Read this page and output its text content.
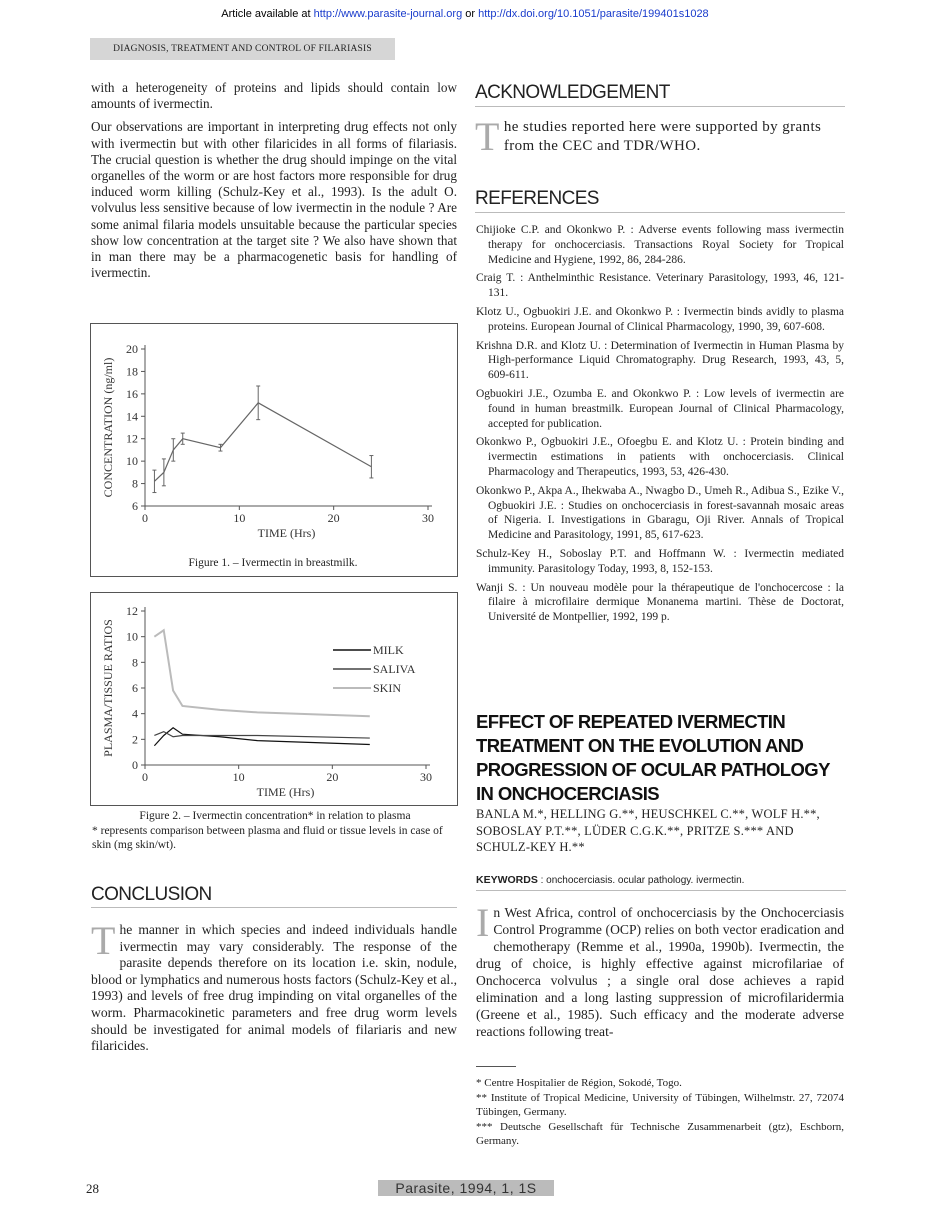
Article available at http://www.parasite-journal.org or http://dx.doi.org/10.1051/parasite/199401s1028
DIAGNOSIS, TREATMENT AND CONTROL OF FILARIASIS

with a heterogeneity of proteins and lipids should contain low amounts of ivermectin.

Our observations are important in interpreting drug effects not only with ivermectin but with other filaricides in all forms of filariasis. The crucial question is whether the drug should impinge on the vital organelles of the worm or are host factors more responsible for drug induced worm killing (Schulz-Key et al., 1993). Is the adult O. volvulus less sensitive because of low ivermectin in the nodule ? Are some animal filaria models unsuitable because the particular species show low concentration at the target site ? We also have shown that in man there may be a pharmacogenetic basis for handling of ivermectin.

6
8
10
12
14
16
18
20
0	10	20	30
TIME (Hrs)
CONCENTRATION (ng/ml)
Figure 1. – Ivermectin in breastmilk.
0
2
4
6
8
10
12
0	10	20	30
TIME (Hrs)
PLASMA/TISSUE RATIOS	MILK
SALIVA
SKIN
Figure 2. – Ivermectin concentration* in relation to plasma
* represents comparison between plasma and fluid or tissue levels in case of skin (mg skin/wt).
CONCLUSION
The manner in which species and indeed individuals handle ivermectin may vary considerably. The response of the parasite depends therefore on its location i.e. skin, nodule, blood or lymphatics and numerous hosts factors (Schulz-Key et al., 1993) and levels of free drug impinding on vital organelles of the worm. Pharmacokinetic parameters and free drug worm levels should be investigated for animal models of filariaris and new filaricides.
ACKNOWLEDGEMENT
The studies reported here were supported by grants from the CEC and TDR/WHO.
REFERENCES
Chijioke C.P. and Okonkwo P. : Adverse events following mass ivermectin therapy for onchocerciasis. Transactions Royal Society for Tropical Medicine and Hygiene, 1992, 86, 284-286.
Craig T. : Anthelminthic Resistance. Veterinary Parasitology, 1993, 46, 121-131.
Klotz U., Ogbuokiri J.E. and Okonkwo P. : Ivermectin binds avidly to plasma proteins. European Journal of Clinical Pharmacology, 1990, 39, 607-608.
Krishna D.R. and Klotz U. : Determination of Ivermectin in Human Plasma by High-performance Liquid Chromatography. Drug Research, 1993, 43, 5, 609-611.
Ogbuokiri J.E., Ozumba E. and Okonkwo P. : Low levels of ivermectin are found in human breastmilk. European Journal of Clinical Pharmacology, accepted for publication.
Okonkwo P., Ogbuokiri J.E., Ofoegbu E. and Klotz U. : Protein binding and ivermectin estimations in patients with onchocerciasis. Clinical Pharmacology and Therapeutics, 1993, 53, 426-430.
Okonkwo P., Akpa A., Ihekwaba A., Nwagbo D., Umeh R., Adibua S., Ezike V., Ogbuokiri J.E. : Studies on onchocerciasis in forest-savannah mosaic areas of Nigeria. I. Investigations in Gbaragu, Oji River. Annals of Tropical Medicine and Parasitology, 1991, 85, 617-623.
Schulz-Key H., Soboslay P.T. and Hoffmann W. : Ivermectin mediated immunity. Parasitology Today, 1993, 8, 152-153.
Wanji S. : Un nouveau modèle pour la thérapeutique de l'onchocercose : la filaire à microfilaire dermique Monanema martini. Thèse de Doctorat, Université de Montpellier, 1992, 199 p.
EFFECT OF REPEATED IVERMECTIN TREATMENT ON THE EVOLUTION AND PROGRESSION OF OCULAR PATHOLOGY IN ONCHOCERCIASIS
BANLA M.*, HELLING G.**, HEUSCHKEL C.**, WOLF H.**, SOBOSLAY P.T.**, LÜDER C.G.K.**, PRITZE S.*** AND SCHULZ-KEY H.**
KEYWORDS : onchocerciasis. ocular pathology. ivermectin.
In West Africa, control of onchocerciasis by the Onchocerciasis Control Programme (OCP) relies on both vector eradication and chemotherapy (Remme et al., 1990a, 1990b). Ivermectin, the drug of choice, is highly effective against microfilariae of Onchocerca volvulus ; a single oral dose achieves a rapid elimination and a long lasting suppression of microfilaridermia (Greene et al., 1985). Such efficacy and the moderate adverse reactions following treat-
* Centre Hospitalier de Région, Sokodé, Togo.
** Institute of Tropical Medicine, University of Tübingen, Wilhelmstr. 27, 72074 Tübingen, Germany.
*** Deutsche Gesellschaft für Technische Zusammenarbeit (gtz), Eschborn, Germany.
28	Parasite, 1994, 1, 1S
